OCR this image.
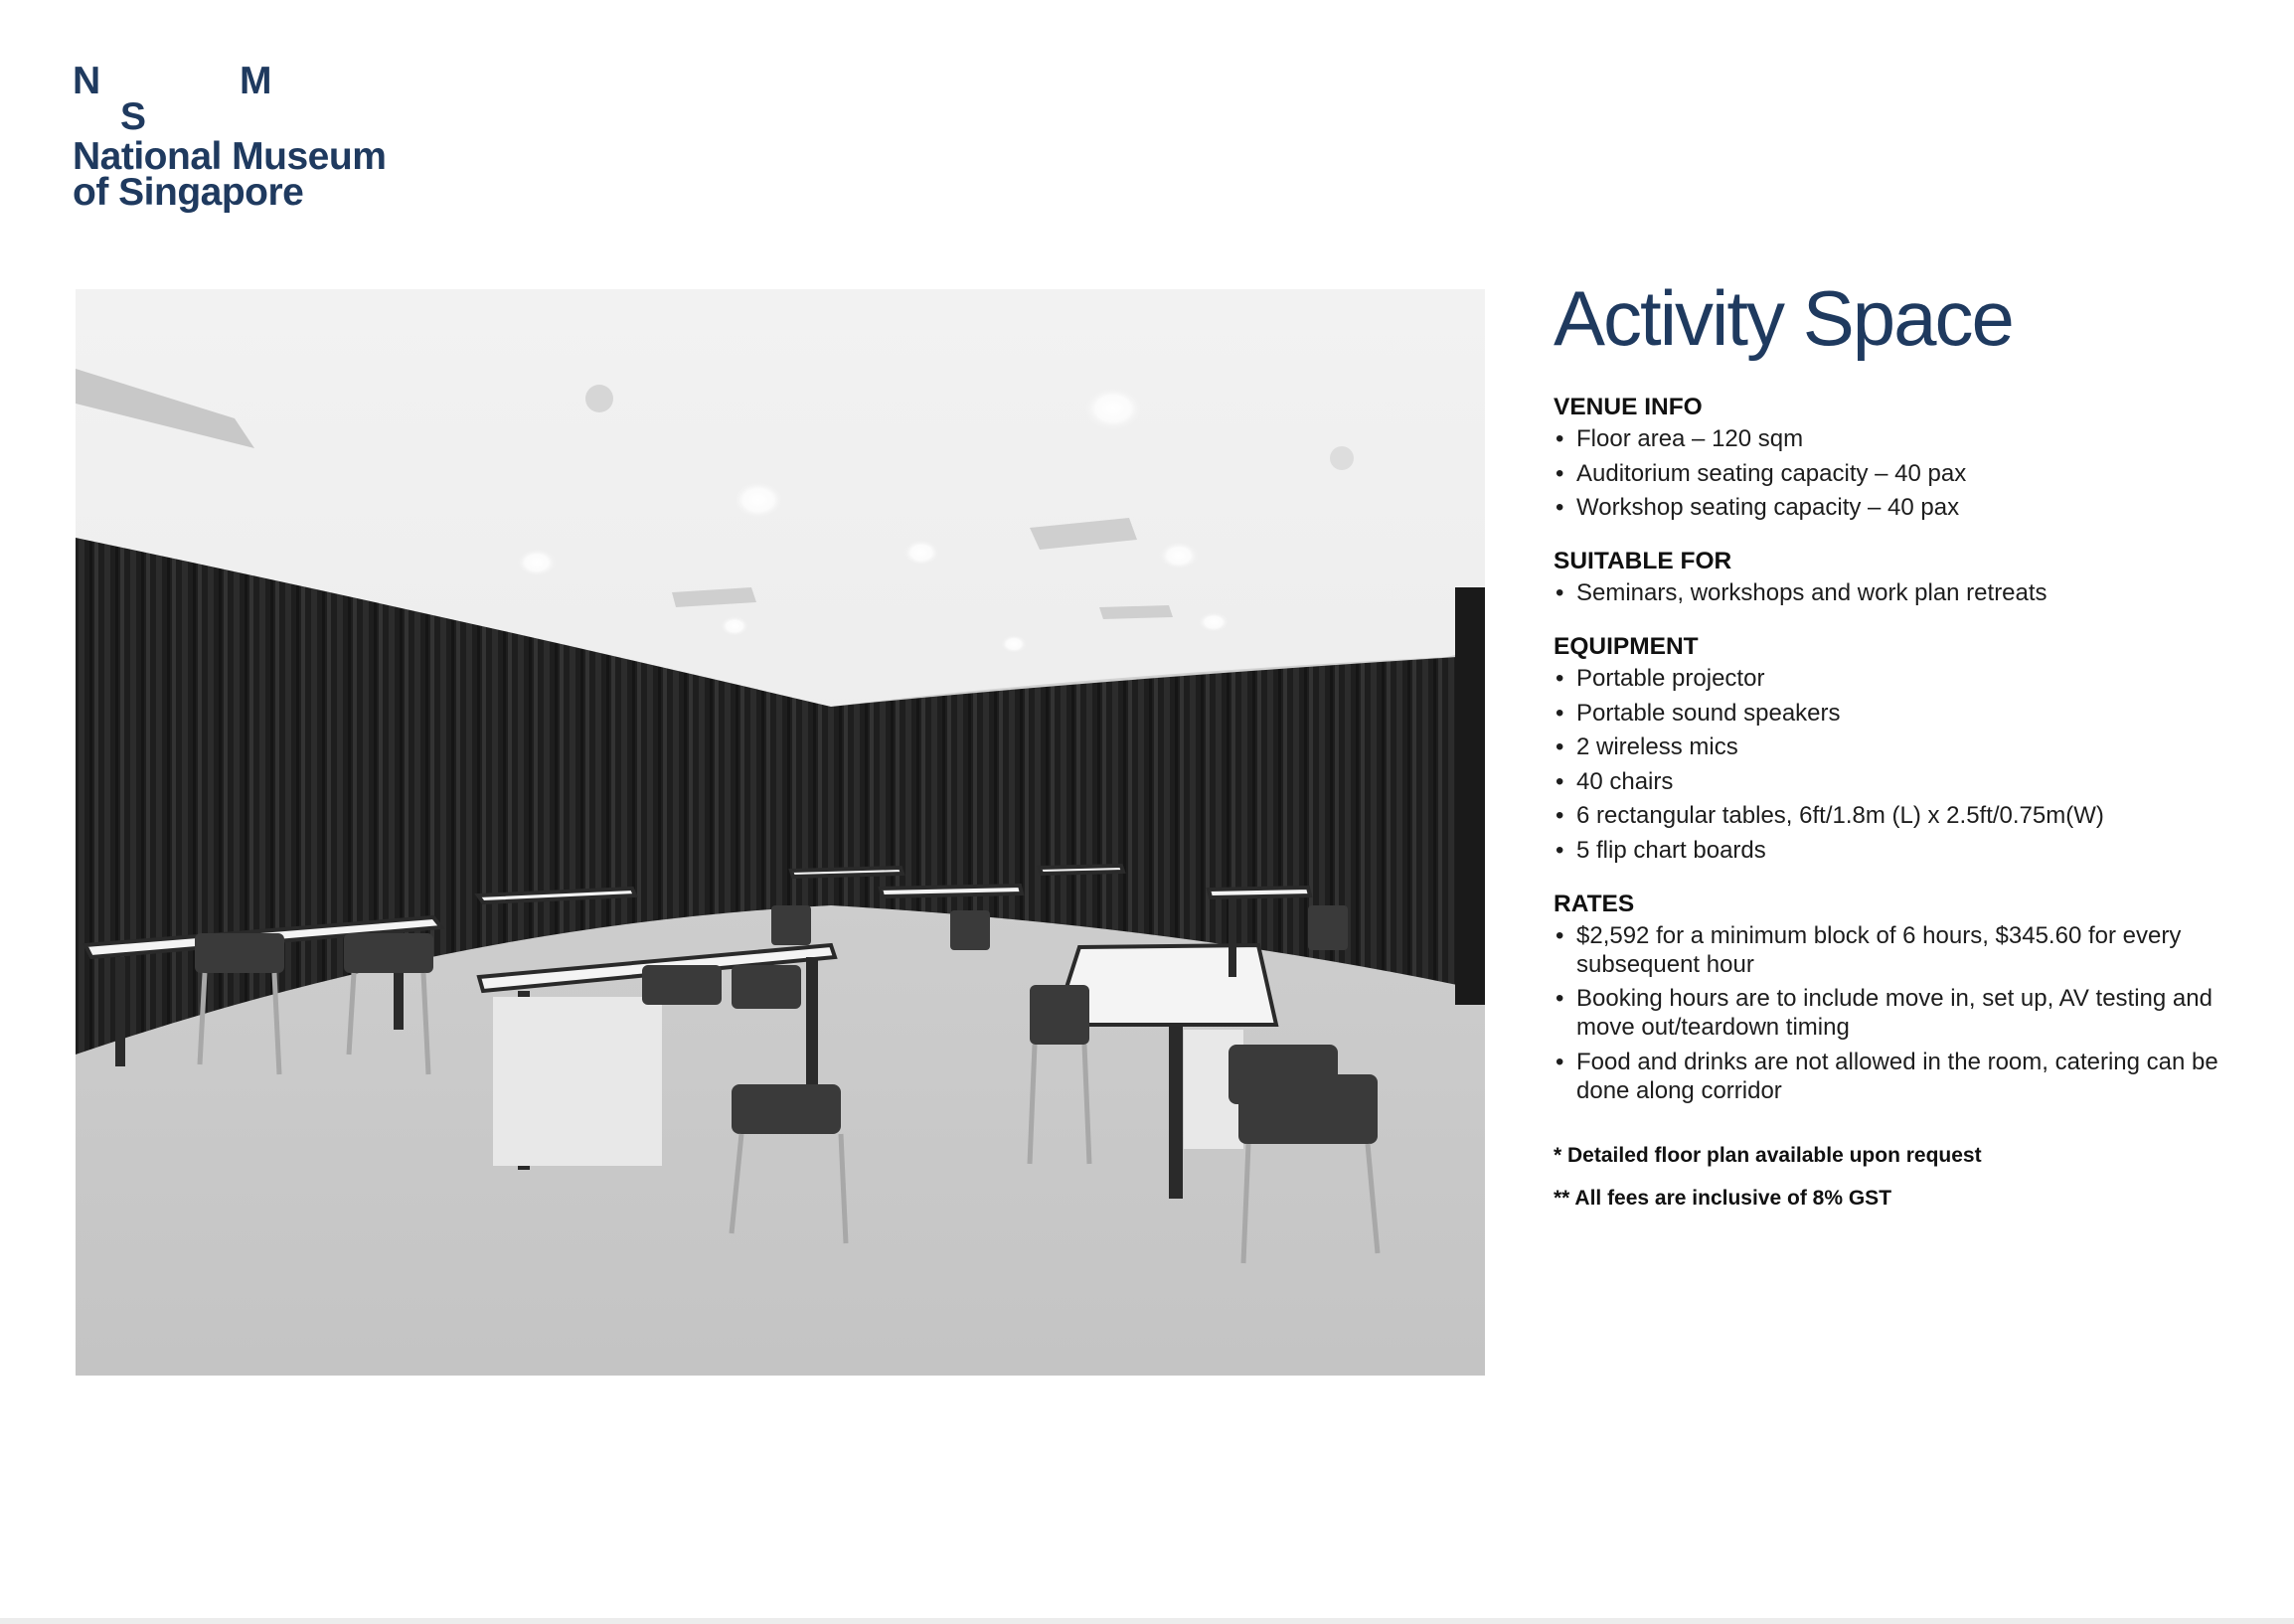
N
S
M
National Museum
of Singapore
Activity Space
VENUE INFO
• Floor area – 120 sqm
• Auditorium seating capacity – 40 pax
• Workshop seating capacity – 40 pax
SUITABLE FOR
• Seminars, workshops and work plan retreats
EQUIPMENT
• Portable projector
• Portable sound speakers
• 2 wireless mics
• 40 chairs
• 6 rectangular tables, 6ft/1.8m (L) x 2.5ft/0.75m(W)
• 5 flip chart boards
RATES
• $2,592 for a minimum block of 6 hours, $345.60 for every subsequent hour
• Booking hours are to include move in, set up, AV testing and move out/teardown timing
• Food and drinks are not allowed in the room, catering can be done along corridor

* Detailed floor plan available upon request

** All fees are inclusive of 8% GST
